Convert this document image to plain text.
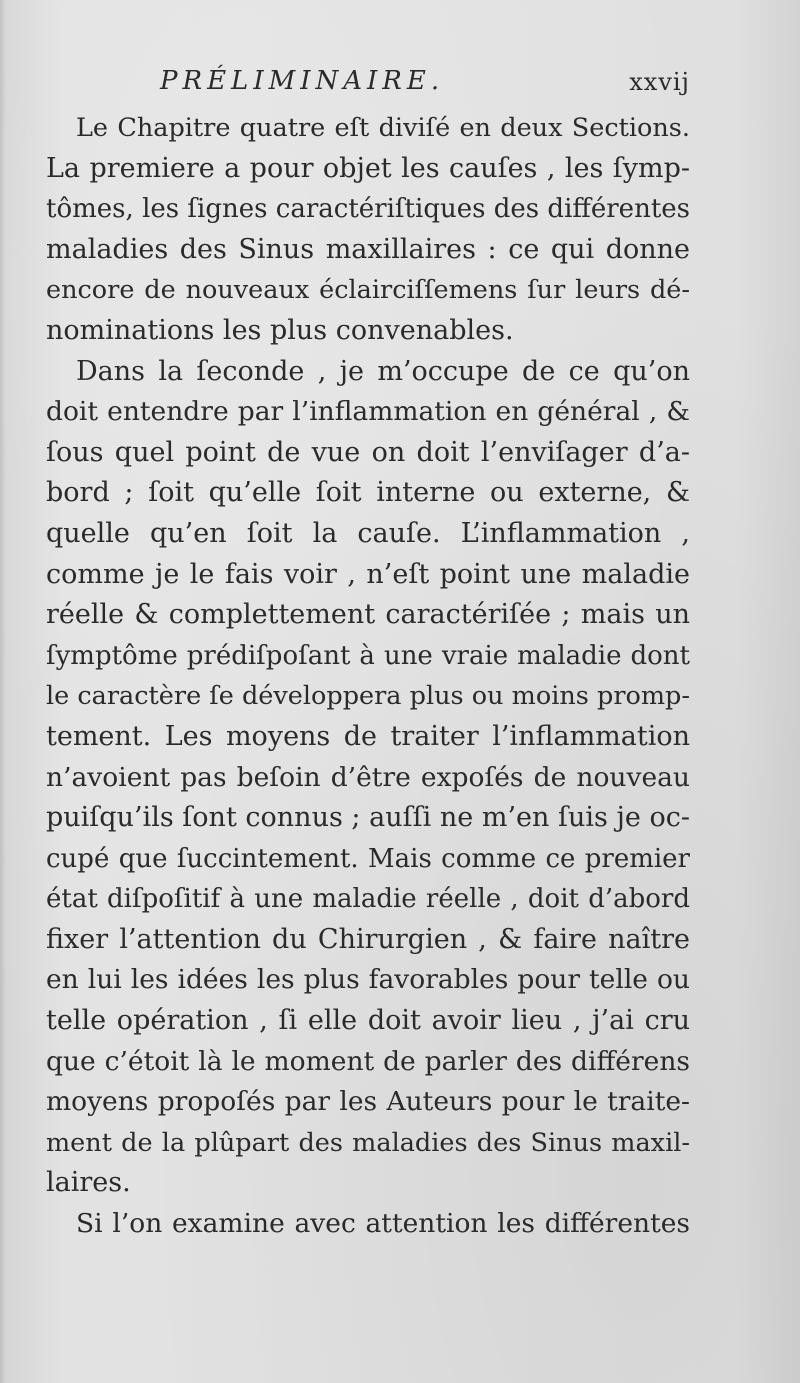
PRÉLIMINAIRE.	xxvij
Le Chapitre quatre eſt diviſé en deux Sections.
La premiere a pour objet les cauſes , les ſymp-
tômes, les ſignes caractériſtiques des différentes
maladies des Sinus maxillaires : ce qui donne
encore de nouveaux éclairciſſemens ſur leurs dé-
nominations les plus convenables.
Dans la ſeconde , je m’occupe de ce qu’on
doit entendre par l’inflammation en général , &
ſous quel point de vue on doit l’enviſager d’a-
bord ; ſoit qu’elle ſoit interne ou externe, &
quelle qu’en ſoit la cauſe. L’inflammation ,
comme je le fais voir , n’eſt point une maladie
réelle & complettement caractériſée ; mais un
ſymptôme prédiſpoſant à une vraie maladie dont
le caractère ſe développera plus ou moins promp-
tement. Les moyens de traiter l’inflammation
n’avoient pas beſoin d’être expoſés de nouveau
puiſqu’ils ſont connus ; auſſi ne m’en ſuis je oc-
cupé que ſuccintement. Mais comme ce premier
état diſpoſitif à une maladie réelle , doit d’abord
fixer l’attention du Chirurgien , & faire naître
en lui les idées les plus favorables pour telle ou
telle opération , ſi elle doit avoir lieu , j’ai cru
que c’étoit là le moment de parler des différens
moyens propoſés par les Auteurs pour le traite-
ment de la plûpart des maladies des Sinus maxil-
laires.
Si l’on examine avec attention les différentes
